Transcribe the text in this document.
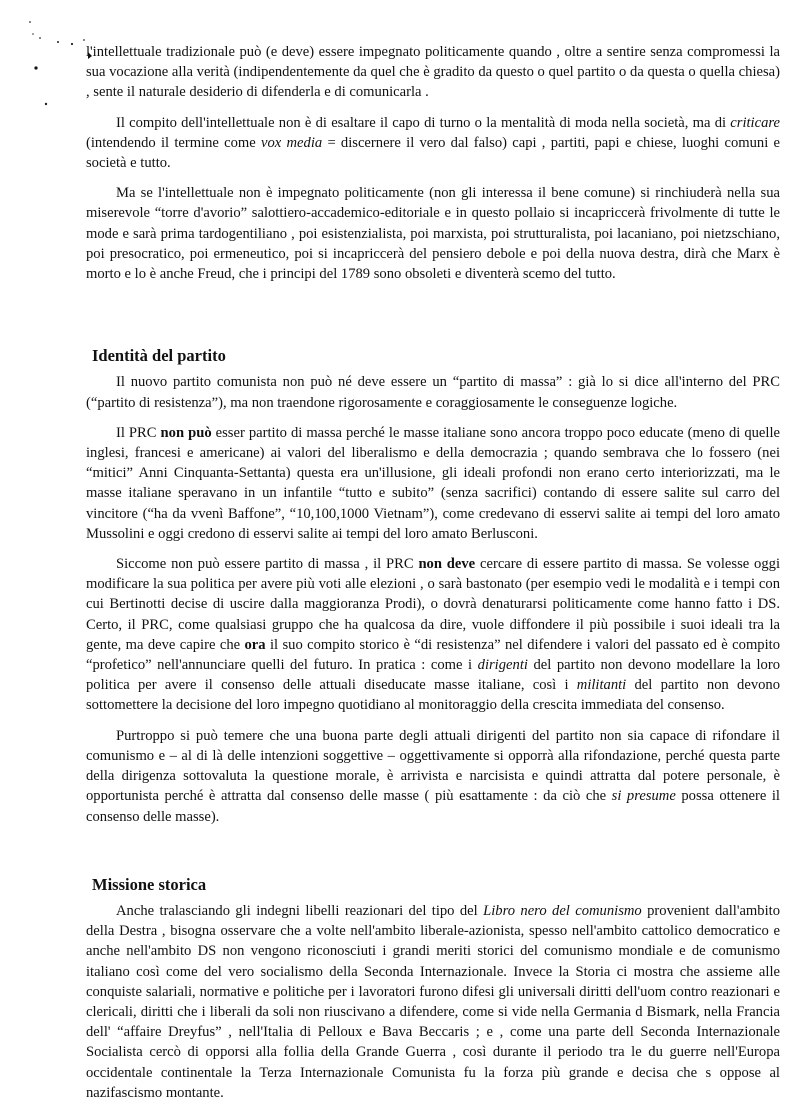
l'intellettuale tradizionale può (e deve) essere impegnato politicamente quando , oltre a sentire senza compromessi la sua vocazione alla verità (indipendentemente da quel che è gradito da questo o quel partito o da questa o quella chiesa) , sente il naturale desiderio di difenderla e di comunicarla .

Il compito dell'intellettuale non è di esaltare il capo di turno o la mentalità di moda nella società, ma di criticare (intendendo il termine come vox media = discernere il vero dal falso) capi , partiti, papi e chiese, luoghi comuni e società e tutto.

Ma se l'intellettuale non è impegnato politicamente (non gli interessa il bene comune) si rinchiuderà nella sua miserevole “torre d'avorio” salottiero-accademico-editoriale e in questo pollaio si incapriccerà frivolmente di tutte le mode e sarà prima tardogentiliano , poi esistenzialista, poi marxista, poi strutturalista, poi lacaniano, poi nietzschiano, poi presocratico, poi ermeneutico, poi si incapriccerà del pensiero debole e poi della nuova destra, dirà che Marx è morto e lo è anche Freud, che i principi del 1789 sono obsoleti e diventerà scemo del tutto.

Identità del partito

Il nuovo partito comunista non può né deve essere un “partito di massa” : già lo si dice all'interno del PRC (“partito di resistenza”), ma non traendone rigorosamente e coraggiosamente le conseguenze logiche.

Il PRC non può esser partito di massa perché le masse italiane sono ancora troppo poco educate (meno di quelle inglesi, francesi e americane) ai valori del liberalismo e della democrazia ; quando sembrava che lo fossero (nei “mitici” Anni Cinquanta-Settanta) questa era un'illusione, gli ideali profondi non erano certo interiorizzati, ma le masse italiane speravano in un infantile “tutto e subito” (senza sacrifici) contando di essere salite sul carro del vincitore (“ha da vvenì Baffone”, “10,100,1000 Vietnam”), come credevano di esservi salite ai tempi del loro amato Mussolini e oggi credono di esservi salite ai tempi del loro amato Berlusconi.

Siccome non può essere partito di massa , il PRC non deve cercare di essere partito di massa. Se volesse oggi modificare la sua politica per avere più voti alle elezioni , o sarà bastonato (per esempio vedi le modalità e i tempi con cui Bertinotti decise di uscire dalla maggioranza Prodi), o dovrà denaturarsi politicamente come hanno fatto i DS. Certo, il PRC, come qualsiasi gruppo che ha qualcosa da dire, vuole diffondere il più possibile i suoi ideali tra la gente, ma deve capire che ora il suo compito storico è “di resistenza” nel difendere i valori del passato ed è compito “profetico” nell'annunciare quelli del futuro. In pratica : come i dirigenti del partito non devono modellare la loro politica per avere il consenso delle attuali diseducate masse italiane, così i militanti del partito non devono sottomettere la decisione del loro impegno quotidiano al monitoraggio della crescita immediata del consenso.

Purtroppo si può temere che una buona parte degli attuali dirigenti del partito non sia capace di rifondare il comunismo e – al di là delle intenzioni soggettive – oggettivamente si opporrà alla rifondazione, perché questa parte della dirigenza sottovaluta la questione morale, è arrivista e narcisista e quindi attratta dal potere personale, è opportunista perché è attratta dal consenso delle masse ( più esattamente : da ciò che si presume possa ottenere il consenso delle masse).

Missione storica

Anche tralasciando gli indegni libelli reazionari del tipo del Libro nero del comunismo provenient dall'ambito della Destra , bisogna osservare che a volte nell'ambito liberale-azionista, spesso nell'ambito cattolico democratico e anche nell'ambito DS non vengono riconosciuti i grandi meriti storici del comunismo mondiale e de comunismo italiano così come del vero socialismo della Seconda Internazionale. Invece la Storia ci mostra che assieme alle conquiste salariali, normative e politiche per i lavoratori furono difesi gli universali diritti dell'uom contro reazionari e clericali, diritti che i liberali da soli non riuscivano a difendere, come si vide nella Germania d Bismark, nella Francia dell' “affaire Dreyfus” , nell'Italia di Pelloux e Bava Beccaris ; e , come una parte dell Seconda Internazionale Socialista cercò di opporsi alla follia della Grande Guerra , così durante il periodo tra le du guerre nell'Europa occidentale continentale la Terza Internazionale Comunista fu la forza più grande e decisa che s oppose al nazifascismo montante.
